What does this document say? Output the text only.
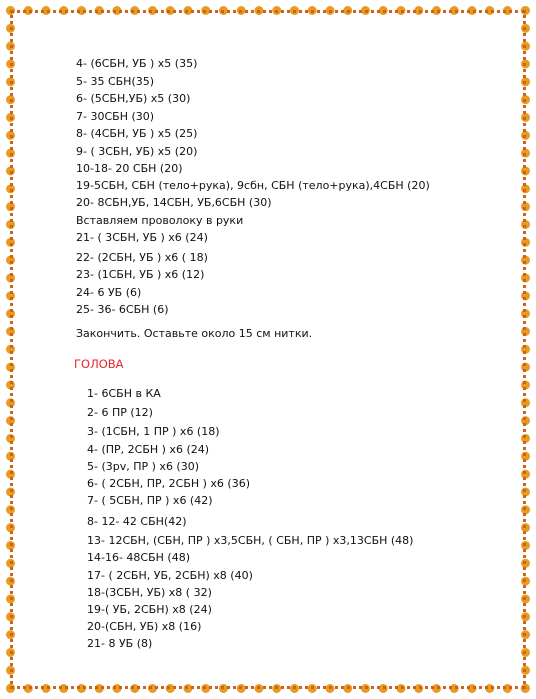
4- (6СБН, УБ ) х5 (35)
5- 35 СБН(35)
6- (5СБН,УБ) х5 (30)
7- 30СБН (30)
8- (4СБН, УБ ) х5 (25)
9- ( 3СБН, УБ) х5 (20)
10-18- 20 СБН (20)
19-5СБН, СБН (тело+рука), 9сбн, СБН (тело+рука),4СБН (20)
20- 8СБН,УБ, 14СБН, УБ,6СБН (30)
Вставляем проволоку в руки
21- ( 3СБН, УБ ) х6 (24)
22- (2СБН, УБ ) х6 ( 18)
23- (1СБН, УБ ) х6 (12)
24- 6 УБ (6)
25- 36- 6СБН (6)
Закончить. Оставьте около 15 см нитки.
ГОЛОВА
1- 6СБН в КА
2- 6 ПР (12)
3- (1СБН, 1 ПР ) х6 (18)
4- (ПР, 2СБН ) х6 (24)
5- (3рv, ПР ) х6 (30)
6- ( 2СБН, ПР, 2СБН ) х6 (36)
7- ( 5СБН, ПР ) х6 (42)
8- 12- 42 СБН(42)
13- 12СБН, (СБН, ПР ) х3,5СБН, ( СБН, ПР ) х3,13СБН (48)
14-16- 48СБН (48)
17- ( 2СБН, УБ, 2СБН) х8 (40)
18-(3СБН, УБ) х8 ( 32)
19-( УБ, 2СБН) х8 (24)
20-(СБН, УБ) х8 (16)
21- 8 УБ (8)
